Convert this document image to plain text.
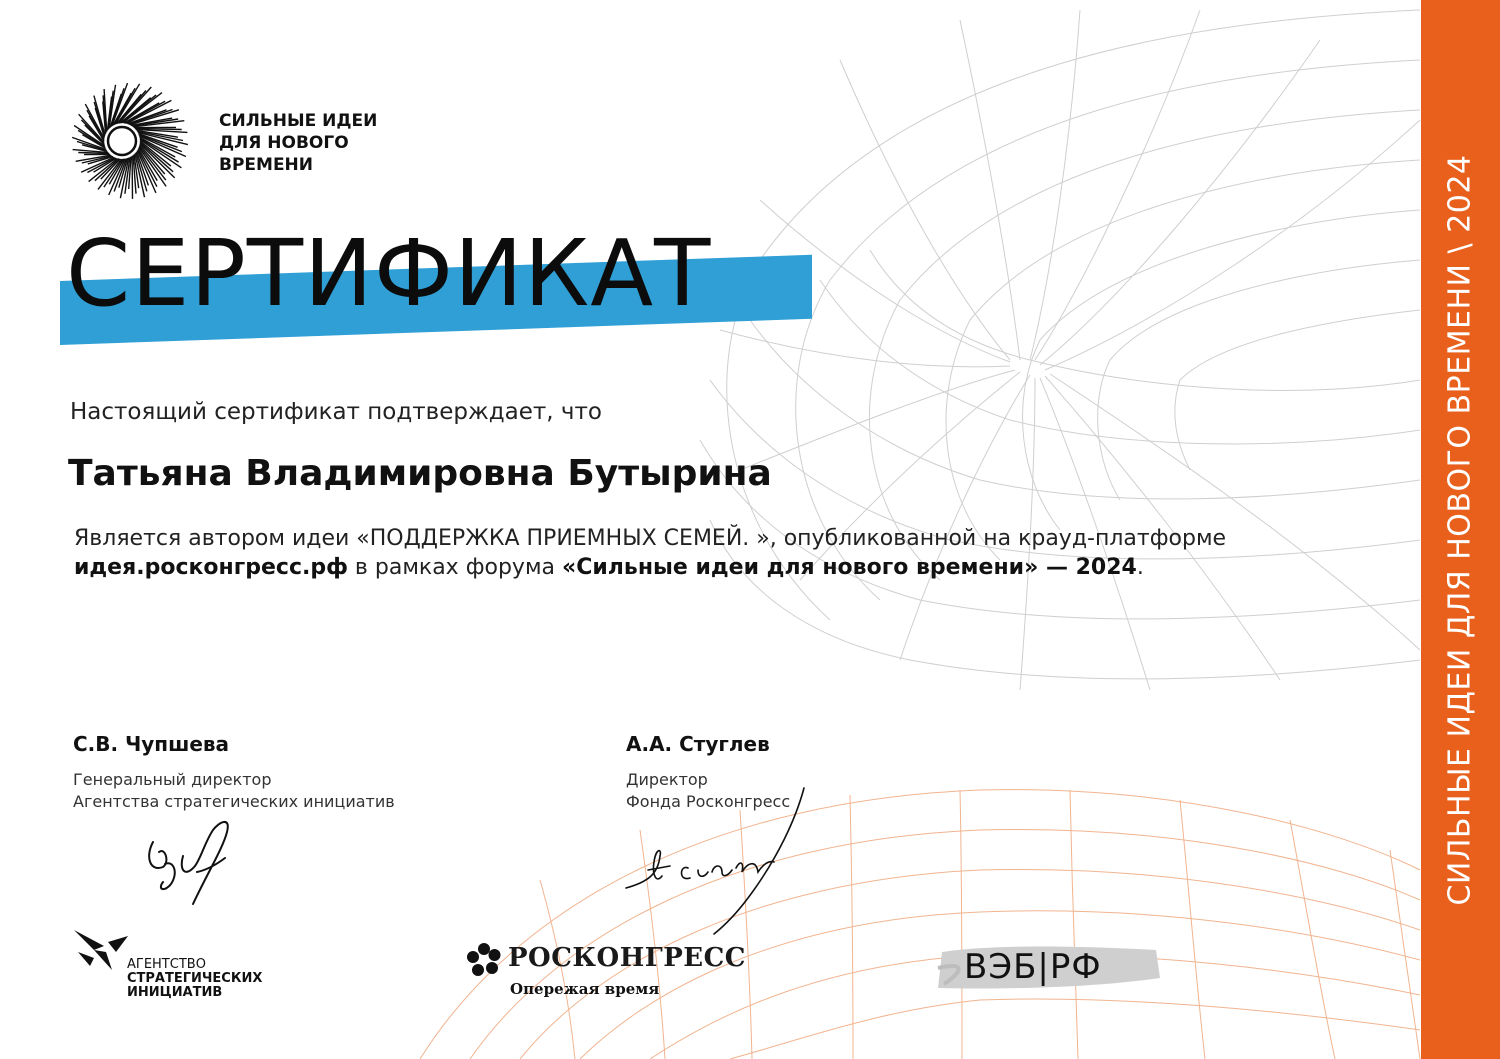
СИЛЬНЫЕ ИДЕИ ДЛЯ НОВОГО ВРЕМЕНИ \ 2024
СИЛЬНЫЕ ИДЕИ
ДЛЯ НОВОГО
ВРЕМЕНИ
СЕРТИФИКАТ
Настоящий сертификат подтверждает, что
Татьяна Владимировна Бутырина
Является автором идеи «ПОДДЕРЖКА ПРИЕМНЫХ СЕМЕЙ. », опубликованной на крауд-платформе идея.росконгресс.рф в рамках форума «Сильные идеи для нового времени» — 2024.
С.В. Чупшева
Генеральный директор
Агентства стратегических инициатив
А.А. Стуглев
Директор
Фонда Росконгресс
АГЕНТСТВО
СТРАТЕГИЧЕСКИХ
ИНИЦИАТИВ
РОСКОНГРЕСС
Опережая время
ВЭБ|РФ
